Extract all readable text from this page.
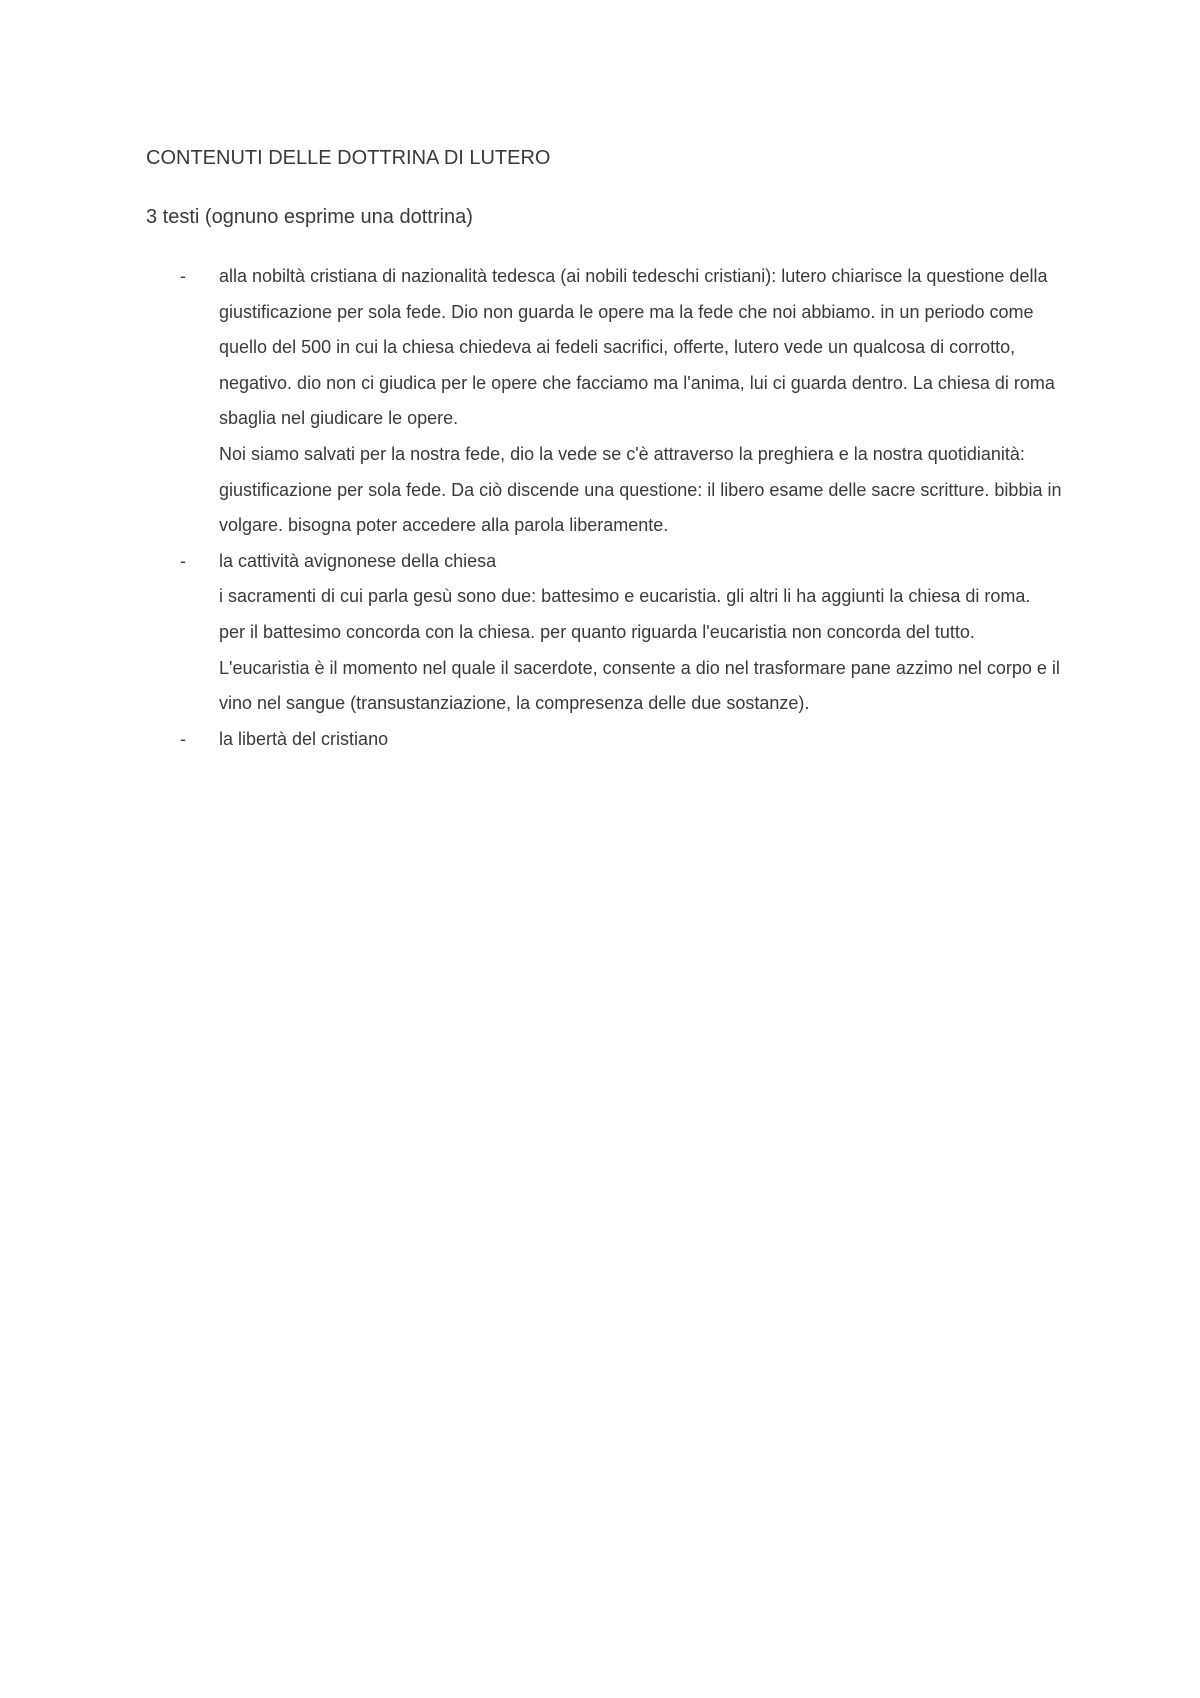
CONTENUTI DELLE DOTTRINA DI LUTERO

3 testi (ognuno esprime una dottrina)

- alla nobiltà cristiana di nazionalità tedesca (ai nobili tedeschi cristiani): lutero chiarisce la questione della giustificazione per sola fede. Dio non guarda le opere ma la fede che noi abbiamo. in un periodo come quello del 500 in cui la chiesa chiedeva ai fedeli sacrifici, offerte, lutero vede un qualcosa di corrotto, negativo. dio non ci giudica per le opere che facciamo ma l'anima, lui ci guarda dentro. La chiesa di roma sbaglia nel giudicare le opere.
Noi siamo salvati per la nostra fede, dio la vede se c'è attraverso la preghiera e la nostra quotidianità: giustificazione per sola fede. Da ciò discende una questione: il libero esame delle sacre scritture. bibbia in volgare. bisogna poter accedere alla parola liberamente.
- la cattività avignonese della chiesa
i sacramenti di cui parla gesù sono due: battesimo e eucaristia. gli altri li ha aggiunti la chiesa di roma.
per il battesimo concorda con la chiesa. per quanto riguarda l'eucaristia non concorda del tutto. L'eucaristia è il momento nel quale il sacerdote, consente a dio nel trasformare pane azzimo nel corpo e il vino nel sangue (transustanziazione, la compresenza delle due sostanze).
- la libertà del cristiano
